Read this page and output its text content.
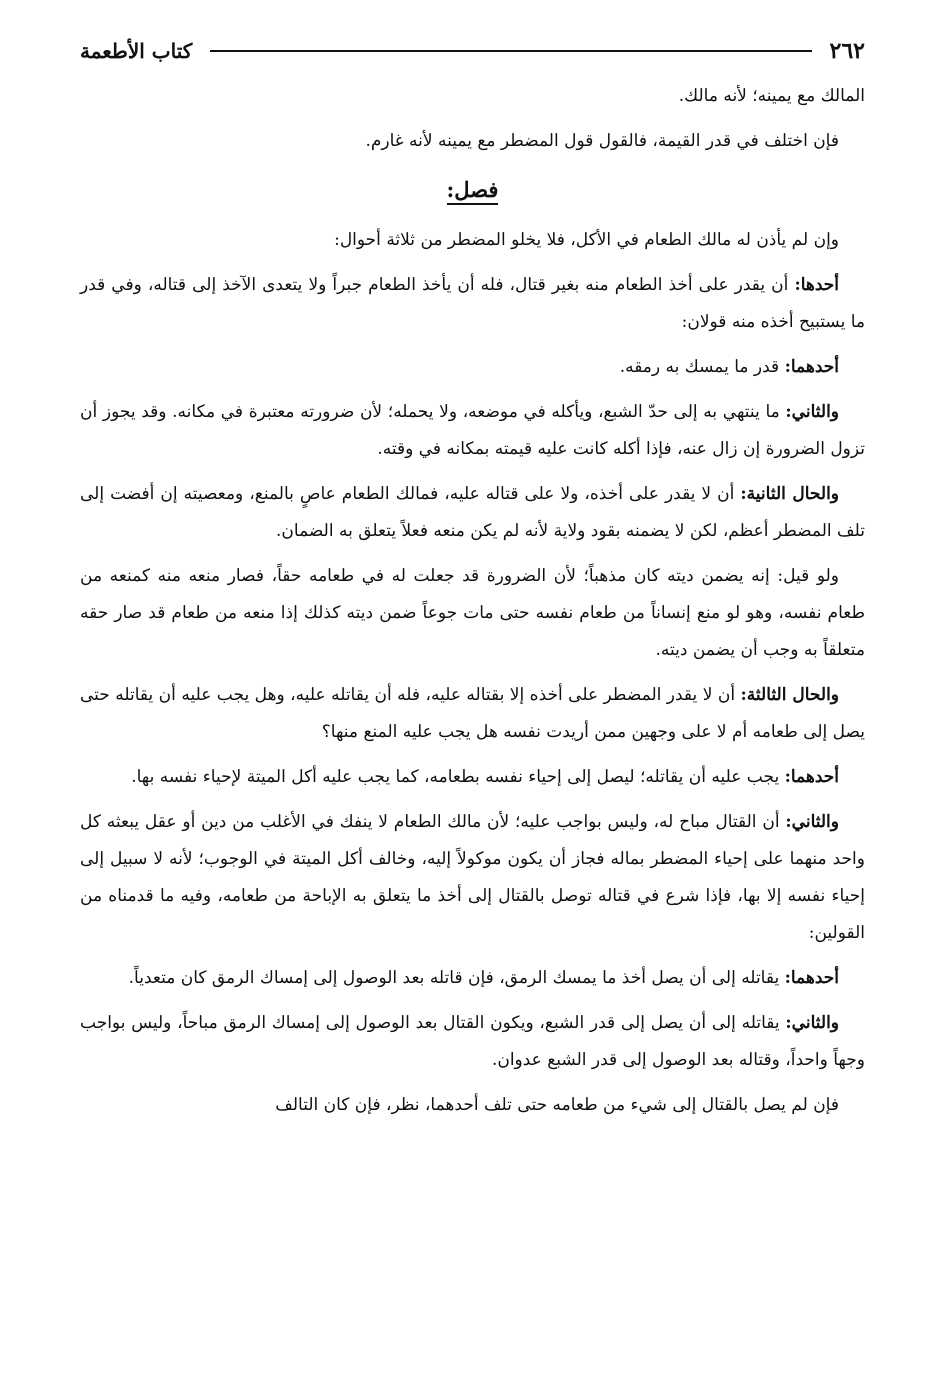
٢٦٢
كتاب الأطعمة

المالك مع يمينه؛ لأنه مالك.

فإن اختلف في قدر القيمة، فالقول قول المضطر مع يمينه لأنه غارم.

فصل:

وإن لم يأذن له مالك الطعام في الأكل، فلا يخلو المضطر من ثلاثة أحوال:

أحدها: أن يقدر على أخذ الطعام منه بغير قتال، فله أن يأخذ الطعام جبراً ولا يتعدى الآخذ إلى قتاله، وفي قدر ما يستبيح أخذه منه قولان:

أحدهما: قدر ما يمسك به رمقه.

والثاني: ما ينتهي به إلى حدّ الشبع، ويأكله في موضعه، ولا يحمله؛ لأن ضرورته معتبرة في مكانه. وقد يجوز أن تزول الضرورة إن زال عنه، فإذا أكله كانت عليه قيمته بمكانه في وقته.

والحال الثانية: أن لا يقدر على أخذه، ولا على قتاله عليه، فمالك الطعام عاصٍ بالمنع، ومعصيته إن أفضت إلى تلف المضطر أعظم، لكن لا يضمنه بقود ولاية لأنه لم يكن منعه فعلاً يتعلق به الضمان.

ولو قيل: إنه يضمن ديته كان مذهباً؛ لأن الضرورة قد جعلت له في طعامه حقاً، فصار منعه منه كمنعه من طعام نفسه، وهو لو منع إنساناً من طعام نفسه حتى مات جوعاً ضمن ديته كذلك إذا منعه من طعام قد صار حقه متعلقاً به وجب أن يضمن ديته.

والحال الثالثة: أن لا يقدر المضطر على أخذه إلا بقتاله عليه، فله أن يقاتله عليه، وهل يجب عليه أن يقاتله حتى يصل إلى طعامه أم لا على وجهين ممن أريدت نفسه هل يجب عليه المنع منها؟

أحدهما: يجب عليه أن يقاتله؛ ليصل إلى إحياء نفسه بطعامه، كما يجب عليه أكل الميتة لإحياء نفسه بها.

والثاني: أن القتال مباح له، وليس بواجب عليه؛ لأن مالك الطعام لا ينفك في الأغلب من دين أو عقل يبعثه كل واحد منهما على إحياء المضطر بماله فجاز أن يكون موكولاً إليه، وخالف أكل الميتة في الوجوب؛ لأنه لا سبيل إلى إحياء نفسه إلا بها، فإذا شرع في قتاله توصل بالقتال إلى أخذ ما يتعلق به الإباحة من طعامه، وفيه ما قدمناه من القولين:

أحدهما: يقاتله إلى أن يصل أخذ ما يمسك الرمق، فإن قاتله بعد الوصول إلى إمساك الرمق كان متعدياً.

والثاني: يقاتله إلى أن يصل إلى قدر الشبع، ويكون القتال بعد الوصول إلى إمساك الرمق مباحاً، وليس بواجب وجهاً واحداً، وقتاله بعد الوصول إلى قدر الشبع عدوان.

فإن لم يصل بالقتال إلى شيء من طعامه حتى تلف أحدهما، نظر، فإن كان التالف
